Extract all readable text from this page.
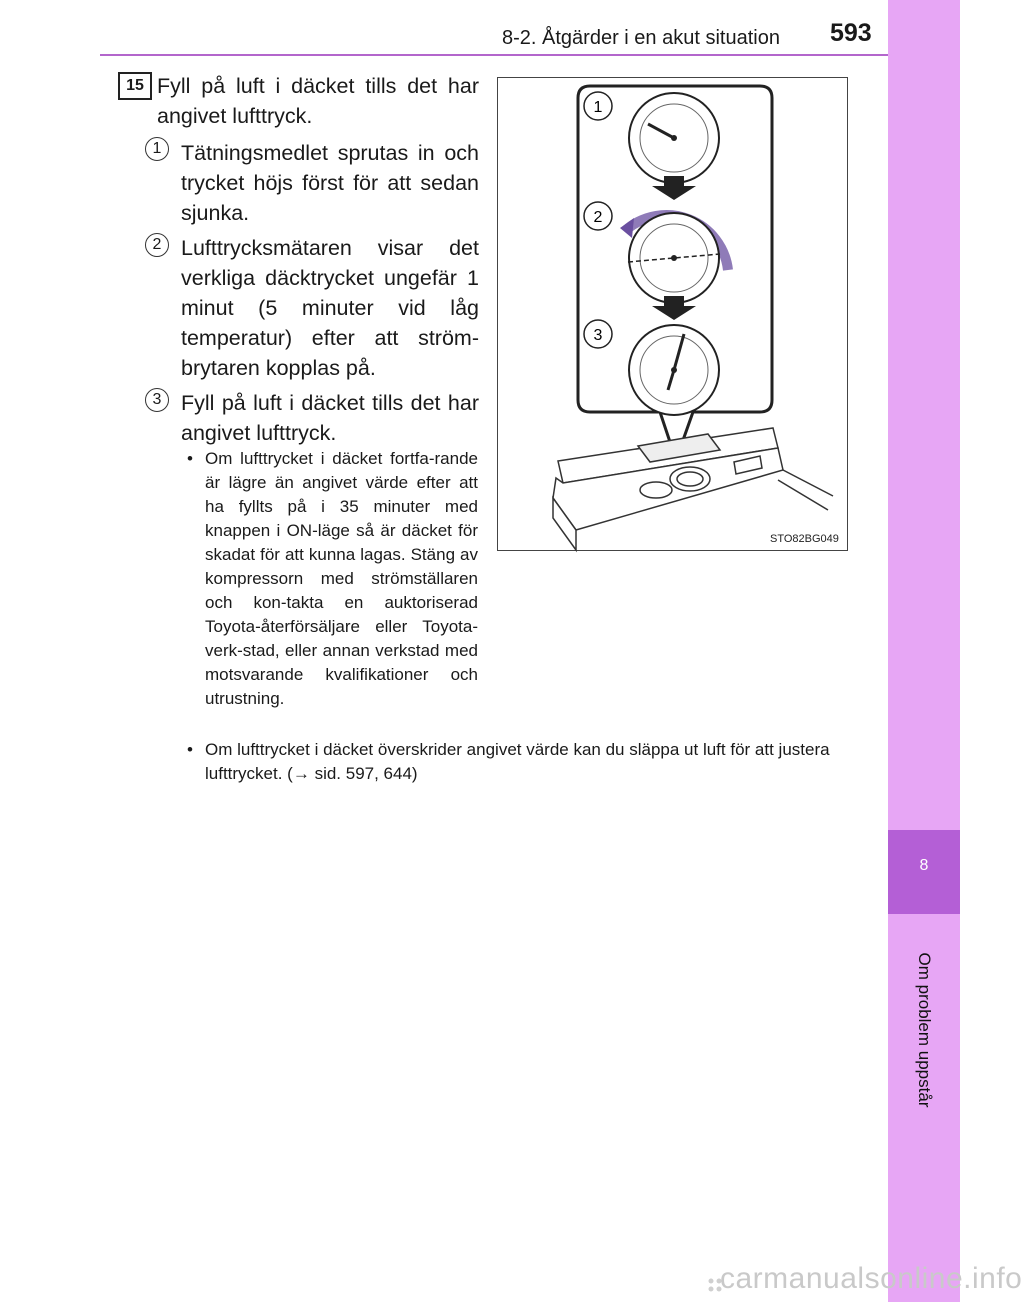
8-2. Åtgärder i en akut situation 593
8
Om problem uppstår
15 Fyll på luft i däcket tills det har angivet lufttryck.
1 Tätningsmedlet sprutas in och trycket höjs först för att sedan sjunka.
2 Lufttrycksmätaren visar det verkliga däcktrycket ungefär 1 minut (5 minuter vid låg temperatur) efter att ström-brytaren kopplas på.
3 Fyll på luft i däcket tills det har angivet lufttryck.
• Om lufttrycket i däcket fortfa-rande är lägre än angivet värde efter att ha fyllts på i 35 minuter med knappen i ON-läge så är däcket för skadat för att kunna lagas. Stäng av kompressorn med strömställaren och kon-takta en auktoriserad Toyota-återförsäljare eller Toyota-verk-stad, eller annan verkstad med motsvarande kvalifikationer och utrustning.
• Om lufttrycket i däcket överskrider angivet värde kan du släppa ut luft för att justera lufttrycket. (→ sid. 597, 644)
1
2
3
STO82BG049
carmanualsonline.info
